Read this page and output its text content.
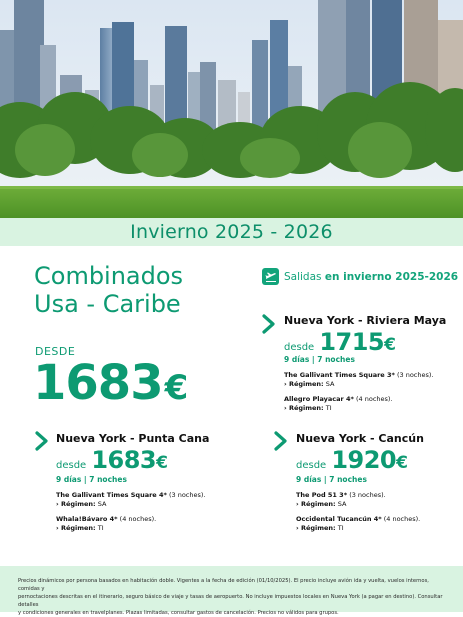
Invierno 2025 - 2026
Combinados
Usa - Caribe
DESDE
1683€
Salidas en invierno 2025-2026
Nueva York - Riviera Maya
desde 1715€
9 días | 7 noches
The Gallivant Times Square 3* (3 noches).
› Régimen: SA
Allegro Playacar 4* (4 noches).
› Régimen: TI
Nueva York - Punta Cana
desde 1683€
9 días | 7 noches
The Gallivant Times Square 4* (3 noches).
› Régimen: SA
Whala!Bávaro 4* (4 noches).
› Régimen: TI
Nueva York - Cancún
desde 1920€
9 días | 7 noches
The Pod 51 3* (3 noches).
› Régimen: SA
Occidental Tucancún 4* (4 noches).
› Régimen: TI
Precios dinámicos por persona basados en habitación doble. Vigentes a la fecha de edición (01/10/2025). El precio incluye avión ida y vuelta, vuelos internos, comidas y
pernoctaciones descritas en el itinerario, seguro básico de viaje y tasas de aeropuerto. No incluye impuestos locales en Nueva York (a pagar en destino). Consultar detalles
y condiciones generales en travelplanes. Plazas limitadas, consultar gastos de cancelación. Precios no válidos para grupos.
